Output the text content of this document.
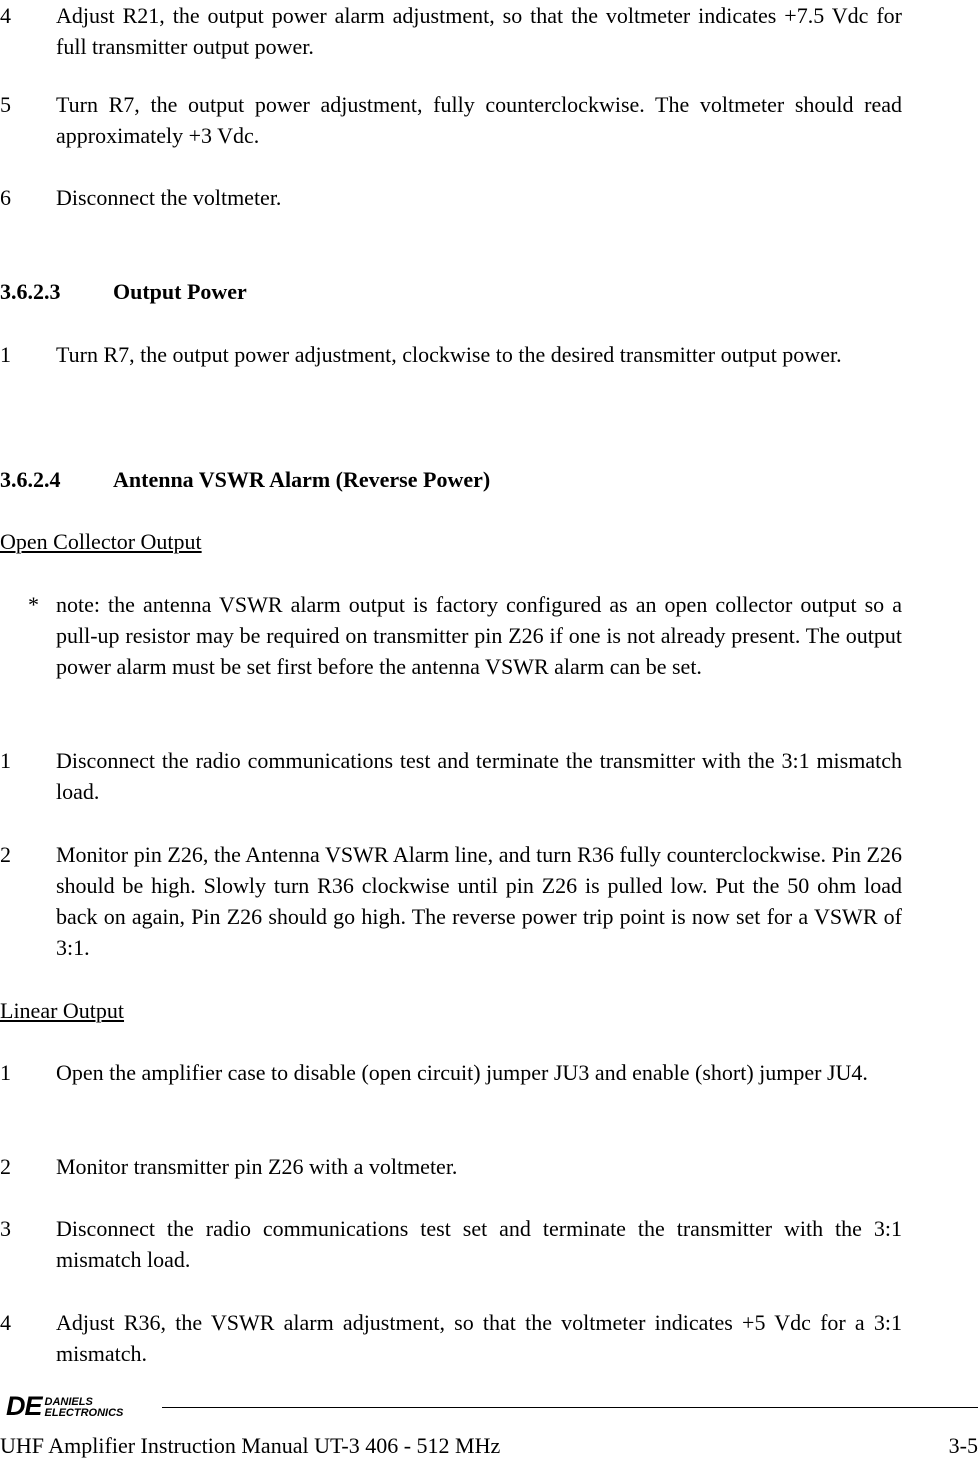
4	Adjust R21, the output power alarm adjustment, so that the voltmeter indicates +7.5 Vdc for full transmitter output power.
5	Turn R7, the output power adjustment, fully counterclockwise. The voltmeter should read approximately +3 Vdc.
6	Disconnect the voltmeter.
3.6.2.3 Output Power
1	Turn R7, the output power adjustment, clockwise to the desired transmitter output power.
3.6.2.4 Antenna VSWR Alarm (Reverse Power)
Open Collector Output
* note: the antenna VSWR alarm output is factory configured as an open collector output so a pull-up resistor may be required on transmitter pin Z26 if one is not already present. The output power alarm must be set first before the antenna VSWR alarm can be set.
1	Disconnect the radio communications test and terminate the transmitter with the 3:1 mismatch load.
2	Monitor pin Z26, the Antenna VSWR Alarm line, and turn R36 fully counterclockwise. Pin Z26 should be high. Slowly turn R36 clockwise until pin Z26 is pulled low. Put the 50 ohm load back on again, Pin Z26 should go high. The reverse power trip point is now set for a VSWR of 3:1.
Linear Output
1	Open the amplifier case to disable (open circuit) jumper JU3 and enable (short) jumper JU4.
2	Monitor transmitter pin Z26 with a voltmeter.
3	Disconnect the radio communications test set and terminate the transmitter with the 3:1 mismatch load.
4	Adjust R36, the VSWR alarm adjustment, so that the voltmeter indicates +5 Vdc for a 3:1 mismatch.
DE DANIELS
ELECTRONICS
UHF Amplifier Instruction Manual UT-3 406 - 512 MHz	3-5
